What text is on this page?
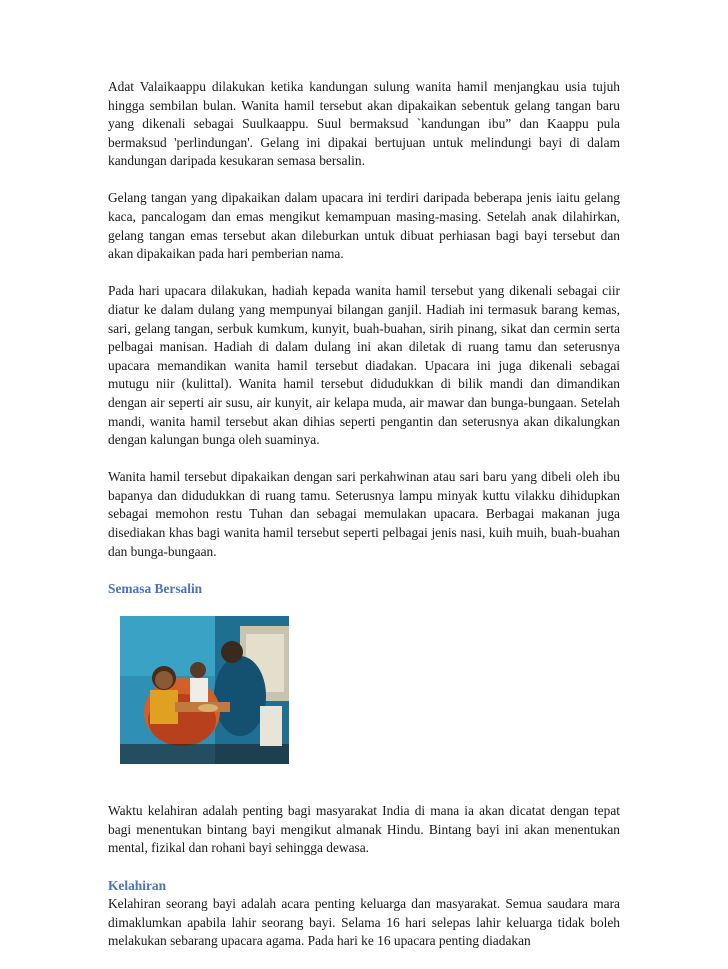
Adat Valaikaappu dilakukan ketika kandungan sulung wanita hamil menjangkau usia tujuh hingga sembilan bulan. Wanita hamil tersebut akan dipakaikan sebentuk gelang tangan baru yang dikenali sebagai Suulkaappu. Suul bermaksud `kandungan ibu” dan Kaappu pula bermaksud 'perlindungan'. Gelang ini dipakai bertujuan untuk melindungi bayi di dalam kandungan daripada kesukaran semasa bersalin.

Gelang tangan yang dipakaikan dalam upacara ini terdiri daripada beberapa jenis iaitu gelang kaca, pancalogam dan emas mengikut kemampuan masing-masing. Setelah anak dilahirkan, gelang tangan emas tersebut akan dileburkan untuk dibuat perhiasan bagi bayi tersebut dan akan dipakaikan pada hari pemberian nama.

Pada hari upacara dilakukan, hadiah kepada wanita hamil tersebut yang dikenali sebagai ciir diatur ke dalam dulang yang mempunyai bilangan ganjil. Hadiah ini termasuk barang kemas, sari, gelang tangan, serbuk kumkum, kunyit, buah-buahan, sirih pinang, sikat dan cermin serta pelbagai manisan. Hadiah di dalam dulang ini akan diletak di ruang tamu dan seterusnya upacara memandikan wanita hamil tersebut diadakan. Upacara ini juga dikenali sebagai mutugu niir (kulittal). Wanita hamil tersebut didudukkan di bilik mandi dan dimandikan dengan air seperti air susu, air kunyit, air kelapa muda, air mawar dan bunga-bungaan. Setelah mandi, wanita hamil tersebut akan dihias seperti pengantin dan seterusnya akan dikalungkan dengan kalungan bunga oleh suaminya.

Wanita hamil tersebut dipakaikan dengan sari perkahwinan atau sari baru yang dibeli oleh ibu bapanya dan didudukkan di ruang tamu. Seterusnya lampu minyak kuttu vilakku dihidupkan sebagai memohon restu Tuhan dan sebagai memulakan upacara. Berbagai makanan juga disediakan khas bagi wanita hamil tersebut seperti pelbagai jenis nasi, kuih muih, buah-buahan dan bunga-bungaan.

Semasa Bersalin

Waktu kelahiran adalah penting bagi masyarakat India di mana ia akan dicatat dengan tepat bagi menentukan bintang bayi mengikut almanak Hindu. Bintang bayi ini akan menentukan mental, fizikal dan rohani bayi sehingga dewasa.

Kelahiran

Kelahiran seorang bayi adalah acara penting keluarga dan masyarakat. Semua saudara mara dimaklumkan apabila lahir seorang bayi. Selama 16 hari selepas lahir keluarga tidak boleh melakukan sebarang upacara agama. Pada hari ke 16 upacara penting diadakan
